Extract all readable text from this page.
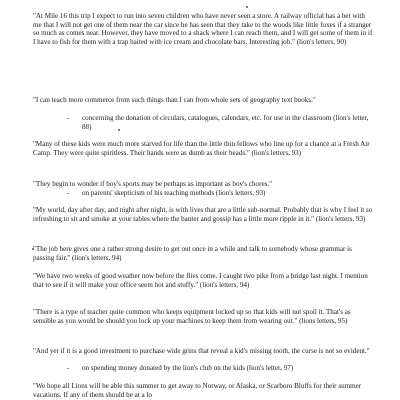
"At Mile 16 this trip I expect to run into seven children who have never seen a store. A railway official has a bet with me that I will not get one of them near the car since he has seen that they take to the woods like little foxes if a stranger so much as comes near. However, they have moved to a shack where I can reach them, and I will get some of them in if I have to fish for them with a trap baited with ice cream and chocolate bars. Interesting job." (lion's letters, 90)

"I can teach more commerce from such things than I can from whole sets of geography text books."

- concerning the donation of circulars, catalogues, calendars, etc. for use in the classroom (lion's letter, 88)

"Many of these kids were much more starved for life than the little thin fellows who line up for a chance at a Fresh Air Camp. They were quite spiritless. Their hands were as dumb as their heads." (lion's letters, 93)

"They begin to wonder if boy's sports may be perhaps as important as boy's chores."

- on parents' skepticism of his teaching methods (lion's letters, 93)

"My world, day after day, and night after night, is with lives that are a little sub-normal. Probably that is why I feel it so refreshing to sit and smoke at your tables where the banter and gossip has a little more ripple in it." (lion's letters, 93)

"The job here gives one a rather strong desire to get out once in a while and talk to somebody whose grammar is passing fair." (lion's letters, 94)

"We have two weeks of good weather now before the flies come. I caught two pike from a bridge last night. I mention that to see if it will make your office seem hot and stuffy." (lion's letters, 94)

"There is a type of teacher quite common who keeps equipment locked up so that kids will not spoil it. That's as sensible as you would be should you lock up your machines to keep them from wearing out." (lions letters, 95)

"And yet if it is a good investment to purchase wide grins that reveal a kid's missing tooth, the curse is not so evident."

- on spending money donated by the lion's club on the kids (lion's letter, 97)

"We hope all Lions will be able this summer to get away to Norway, or Alaska, or Scarboro Bluffs for their summer vacations. If any of them should be at a lo
